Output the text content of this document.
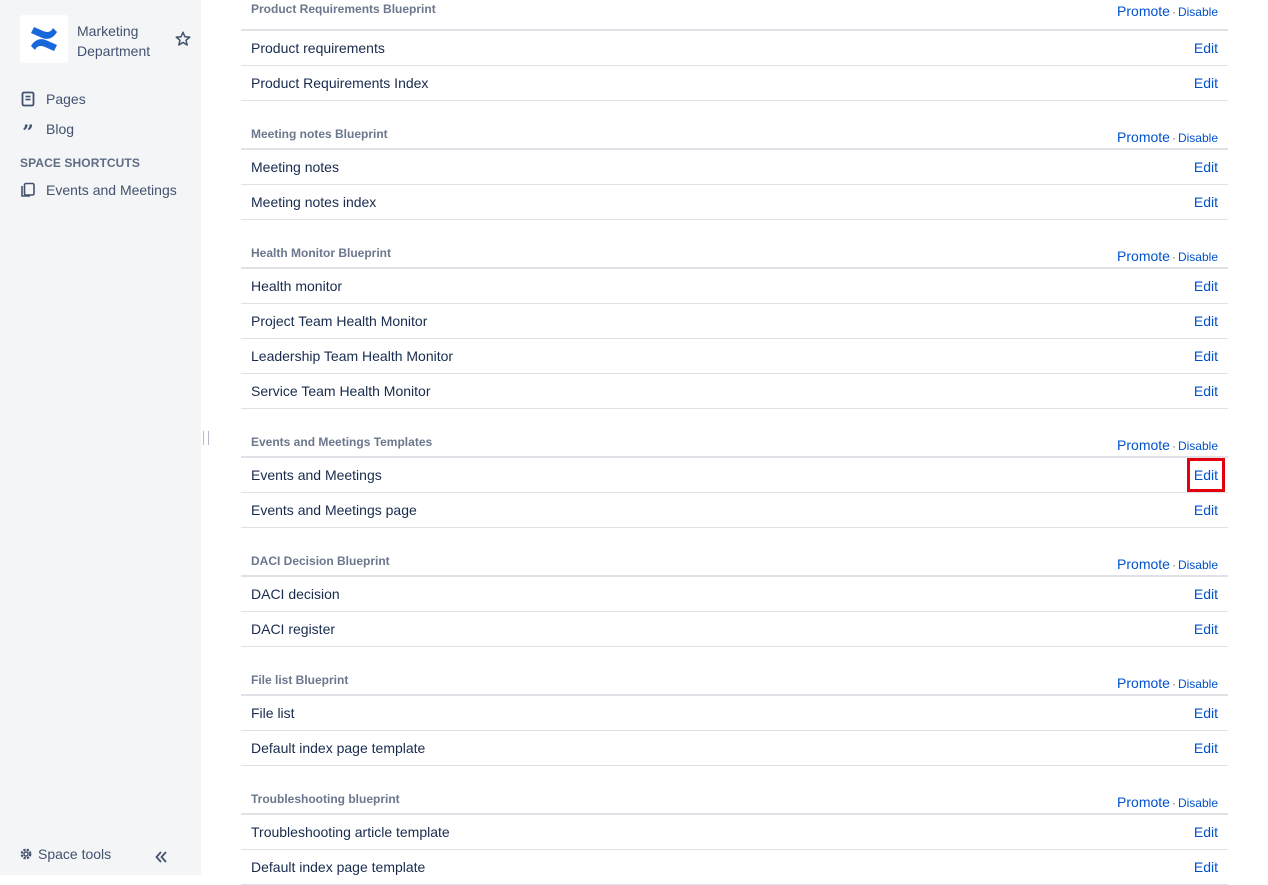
Marketing Department
Pages
” Blog
SPACE SHORTCUTS
Events and Meetings
Space tools
Product Requirements Blueprint	Promote · Disable
Product requirements	Edit
Product Requirements Index	Edit
Meeting notes Blueprint	Promote · Disable
Meeting notes	Edit
Meeting notes index	Edit
Health Monitor Blueprint	Promote · Disable
Health monitor	Edit
Project Team Health Monitor	Edit
Leadership Team Health Monitor	Edit
Service Team Health Monitor	Edit
Events and Meetings Templates	Promote · Disable
Events and Meetings	Edit
Events and Meetings page	Edit
DACI Decision Blueprint	Promote · Disable
DACI decision	Edit
DACI register	Edit
File list Blueprint	Promote · Disable
File list	Edit
Default index page template	Edit
Troubleshooting blueprint	Promote · Disable
Troubleshooting article template	Edit
Default index page template	Edit
